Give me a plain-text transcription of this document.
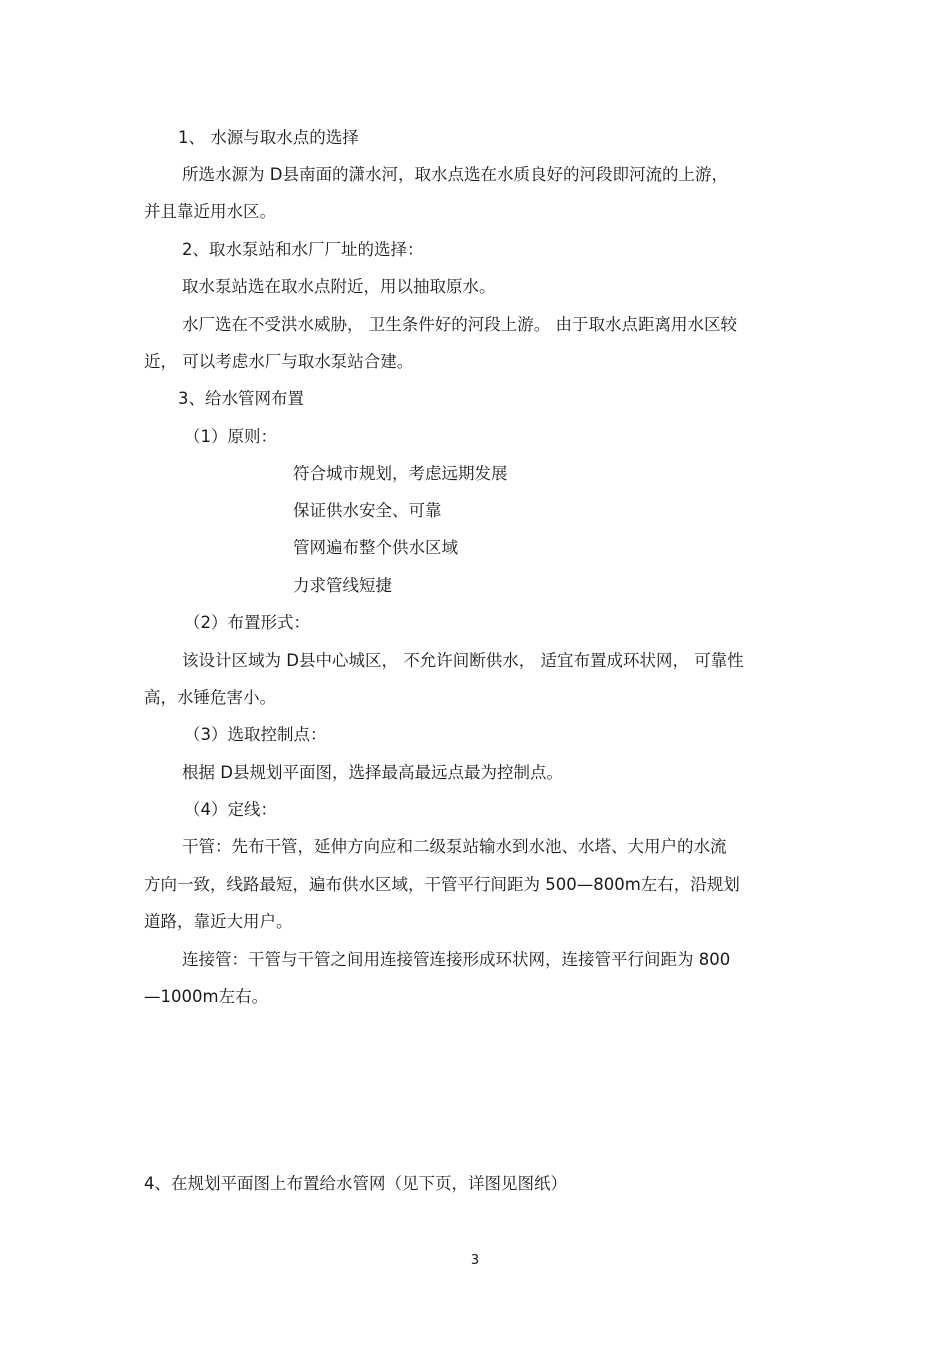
1、 水源与取水点的选择
所选水源为 D县南面的潇水河，取水点选在水质良好的河段即河流的上游，
并且靠近用水区。
2、取水泵站和水厂厂址的选择：
取水泵站选在取水点附近，用以抽取原水。
水厂选在不受洪水威胁， 卫生条件好的河段上游。 由于取水点距离用水区较
近， 可以考虑水厂与取水泵站合建。
3、给水管网布置
（1）原则：
符合城市规划，考虑远期发展
保证供水安全、可靠
管网遍布整个供水区域
力求管线短捷
（2）布置形式：
该设计区域为 D县中心城区， 不允许间断供水， 适宜布置成环状网， 可靠性
高，水锤危害小。
（3）选取控制点：
根据 D县规划平面图，选择最高最远点最为控制点。
（4）定线：
干管：先布干管，延伸方向应和二级泵站输水到水池、水塔、大用户的水流
方向一致，线路最短，遍布供水区域，干管平行间距为 500—800m左右，沿规划
道路，靠近大用户。
连接管：干管与干管之间用连接管连接形成环状网，连接管平行间距为 800
—1000m左右。
4、在规划平面图上布置给水管网（见下页，详图见图纸）
3
